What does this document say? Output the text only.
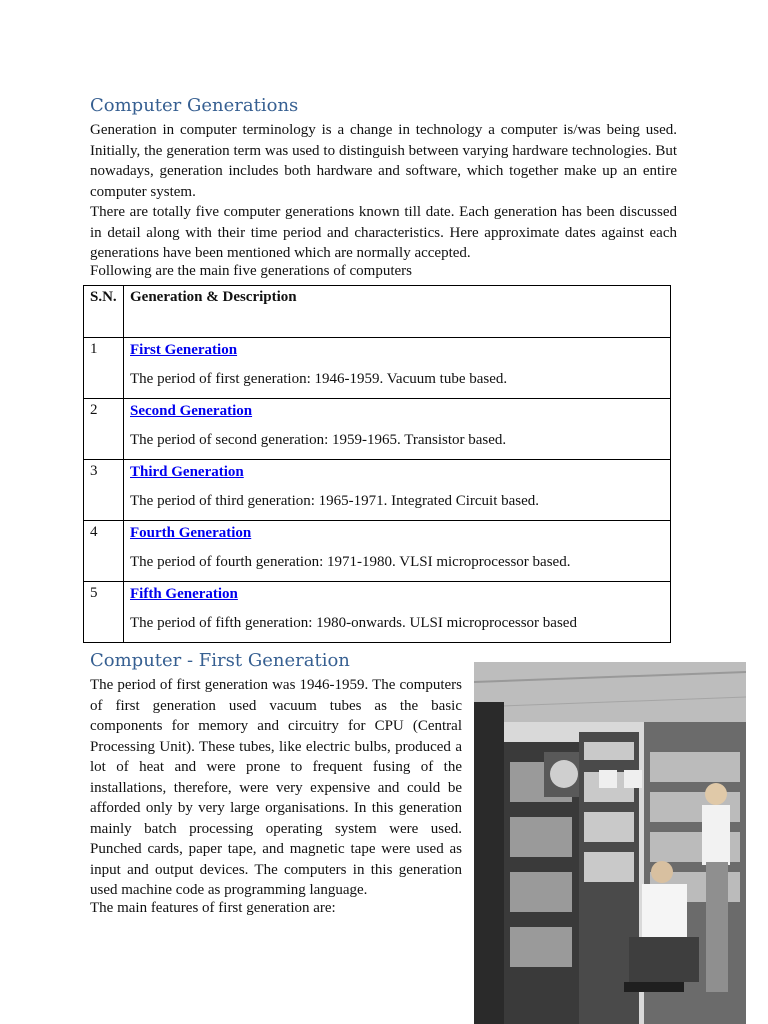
Computer Generations
Generation in computer terminology is a change in technology a computer is/was being used. Initially, the generation term was used to distinguish between varying hardware technologies. But nowadays, generation includes both hardware and software, which together make up an entire computer system.
There are totally five computer generations known till date. Each generation has been discussed in detail along with their time period and characteristics. Here approximate dates against each generations have been mentioned which are normally accepted.

Following are the main five generations of computers

S.N.	Generation & Description

1	First Generation
The period of first generation: 1946-1959. Vacuum tube based.

2	Second Generation
The period of second generation: 1959-1965. Transistor based.

3	Third Generation
The period of third generation: 1965-1971. Integrated Circuit based.

4	Fourth Generation
The period of fourth generation: 1971-1980. VLSI microprocessor based.

5	Fifth Generation
The period of fifth generation: 1980-onwards. ULSI microprocessor based
Computer - First Generation

The period of first generation was 1946-1959. The computers of first generation used vacuum tubes as the basic components for memory and circuitry for CPU (Central Processing Unit). These tubes, like electric bulbs, produced a lot of heat and were prone to frequent fusing of the installations, therefore, were very expensive and could be afforded only by very large organisations. In this generation mainly batch processing operating system were used. Punched cards, paper tape, and magnetic tape were used as input and output devices. The computers in this generation used machine code as programming language.

The main features of first generation are:
